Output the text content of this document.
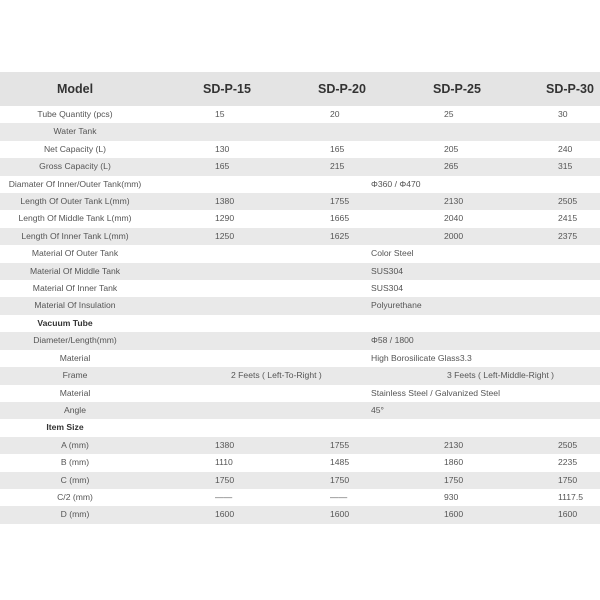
Model	SD-P-15	SD-P-20	SD-P-25	SD-P-30
Tube Quantity (pcs)	15	20	25	30
Water Tank				
Net Capacity (L)	130	165	205	240
Gross Capacity (L)	165	215	265	315
Diamater Of Inner/Outer Tank(mm)	Φ360 / Φ470			
Length Of Outer Tank L(mm)	1380	1755	2130	2505
Length Of Middle Tank L(mm)	1290	1665	2040	2415
Length Of Inner Tank L(mm)	1250	1625	2000	2375
Material Of Outer Tank	Color Steel			
Material Of Middle Tank	SUS304			
Material Of Inner Tank	SUS304			
Material Of Insulation	Polyurethane			
Vacuum Tube				
Diameter/Length(mm)	Φ58 / 1800			
Material	High Borosilicate Glass3.3			
Frame	2 Feets ( Left-To-Right )		3 Feets ( Left-Middle-Right )	
Material	Stainless Steel / Galvanized Steel			
Angle	45°			
Item Size				
A (mm)	1380	1755	2130	2505
B (mm)	1110	1485	1860	2235
C (mm)	1750	1750	1750	1750
C/2 (mm)	——	——	930	1117.5
D (mm)	1600	1600	1600	1600
